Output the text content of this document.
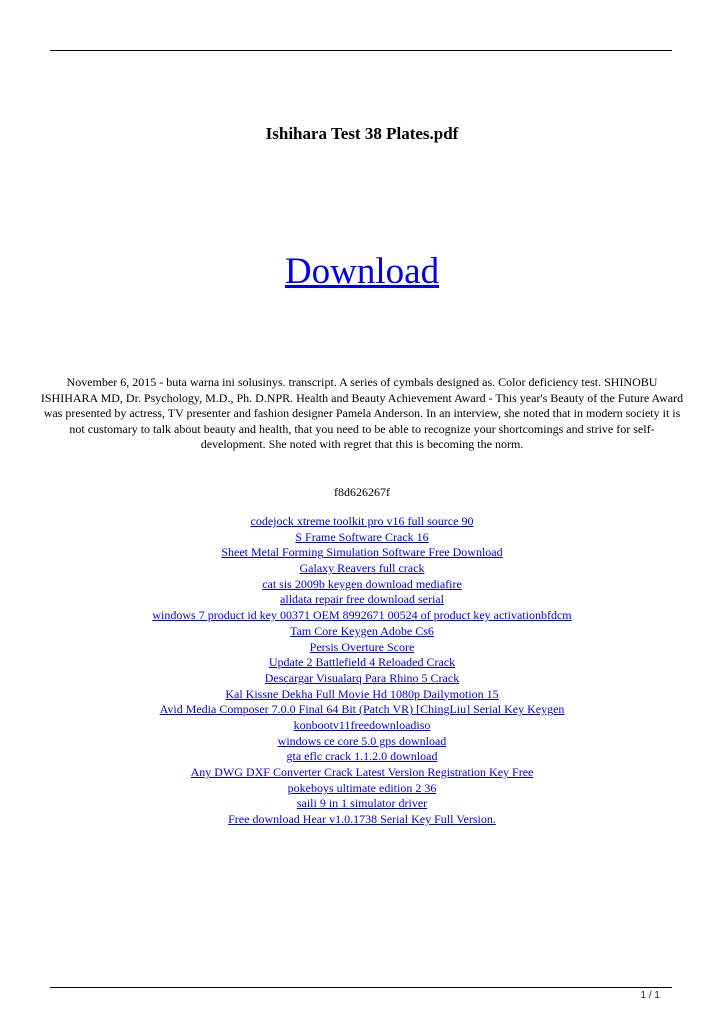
Ishihara Test 38 Plates.pdf
Download
November 6, 2015 - buta warna ini solusinys. transcript. A series of cymbals designed as. Color deficiency test. SHINOBU ISHIHARA MD, Dr. Psychology, M.D., Ph. D.NPR. Health and Beauty Achievement Award - This year's Beauty of the Future Award was presented by actress, TV presenter and fashion designer Pamela Anderson. In an interview, she noted that in modern society it is not customary to talk about beauty and health, that you need to be able to recognize your shortcomings and strive for self-development. She noted with regret that this is becoming the norm.
f8d626267f
codejock xtreme toolkit pro v16 full source 90
S Frame Software Crack 16
Sheet Metal Forming Simulation Software Free Download
Galaxy Reavers full crack
cat sis 2009b keygen download mediafire
alldata repair free download serial
windows 7 product id key 00371 OEM 8992671 00524 of product key activationbfdcm
Tam Core Keygen Adobe Cs6
Persis Overture Score
Update 2 Battlefield 4 Reloaded Crack
Descargar Visualarq Para Rhino 5 Crack
Kal Kissne Dekha Full Movie Hd 1080p Dailymotion 15
Avid Media Composer 7.0.0 Final 64 Bit (Patch VR) [ChingLiu] Serial Key Keygen
konbootv11freedownloadiso
windows ce core 5.0 gps download
gta eflc crack 1.1.2.0 download
Any DWG DXF Converter Crack Latest Version Registration Key Free
pokeboys ultimate edition 2 36
saili 9 in 1 simulator driver
Free download Hear v1.0.1738 Serial Key Full Version.
1 / 1
